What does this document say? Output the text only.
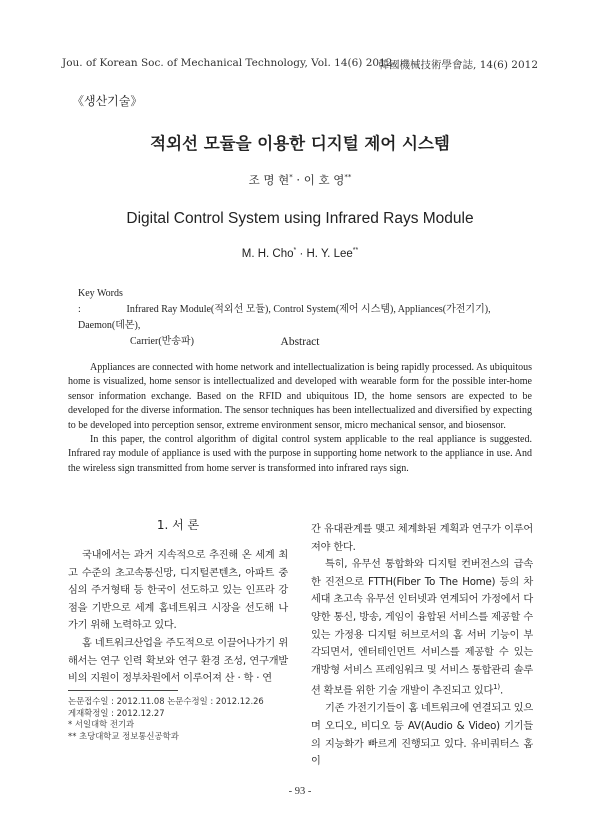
Jou. of Korean Soc. of Mechanical Technology, Vol. 14(6) 2012
韓國機械技術學會誌, 14(6) 2012
《생산기술》
적외선 모듈을 이용한 디지털 제어 시스템
조 명 현* · 이 호 영**
Digital Control System using Infrared Rays Module
M. H. Cho* · H. Y. Lee**
Key Words :	Infrared Ray Module(적외선 모듈), Control System(제어 시스템), Appliances(가전기기), Daemon(데몬),
Carrier(반송파)	Abstract

Appliances are connected with home network and intellectualization is being rapidly processed. As ubiquitous home is visualized, home sensor is intellectualized and developed with wearable form for the possible inter-home sensor information exchange. Based on the RFID and ubiquitous ID, the home sensors are expected to be developed for the diverse information. The sensor techniques has been intellectualized and diversified by expecting to be developed into perception sensor, extreme environment sensor, micro mechanical sensor, and biosensor.

In this paper, the control algorithm of digital control system applicable to the real appliance is suggested. Infrared ray module of appliance is used with the purpose in supporting home network to the appliance in use. And the wireless sign transmitted from home server is transformed into infrared rays sign.

1. 서 론

국내에서는 과거 지속적으로 추진해 온 세계 최고 수준의 초고속통신망, 디지털콘텐츠, 아파트 중심의 주거형태 등 한국이 선도하고 있는 인프라 강점을 기반으로 세계 홈네트워크 시장을 선도해 나가기 위해 노력하고 있다.

홈 네트워크산업을 주도적으로 이끌어나가기 위해서는 연구 인력 확보와 연구 환경 조성, 연구개발비의 지원이 정부차원에서 이루어져 산 · 학 · 연

간 유대관계를 맺고 체계화된 계획과 연구가 이루어져야 한다.

특히, 유무선 통합화와 디지털 컨버전스의 급속한 진전으로 FTTH(Fiber To The Home) 등의 차세대 초고속 유무선 인터넷과 연계되어 가정에서 다양한 통신, 방송, 게임이 융합된 서비스를 제공할 수 있는 가정용 디지털 허브로서의 홈 서버 기능이 부각되면서, 엔터테인먼트 서비스를 제공할 수 있는 개방형 서비스 프레임워크 및 서비스 통합관리 솔루션 확보를 위한 기술 개발이 추진되고 있다$^{1)}$.

기존 가전기기들이 홈 네트워크에 연결되고 있으며 오디오, 비디오 등 AV(Audio & Video) 기기들의 지능화가 빠르게 진행되고 있다. 유비쿼터스 홈이

논문접수일 : 2012.11.08 논문수정일 : 2012.12.26
게재확정일 : 2012.12.27
* 서일대학 전기과
** 초당대학교 정보통신공학과
- 93 -
